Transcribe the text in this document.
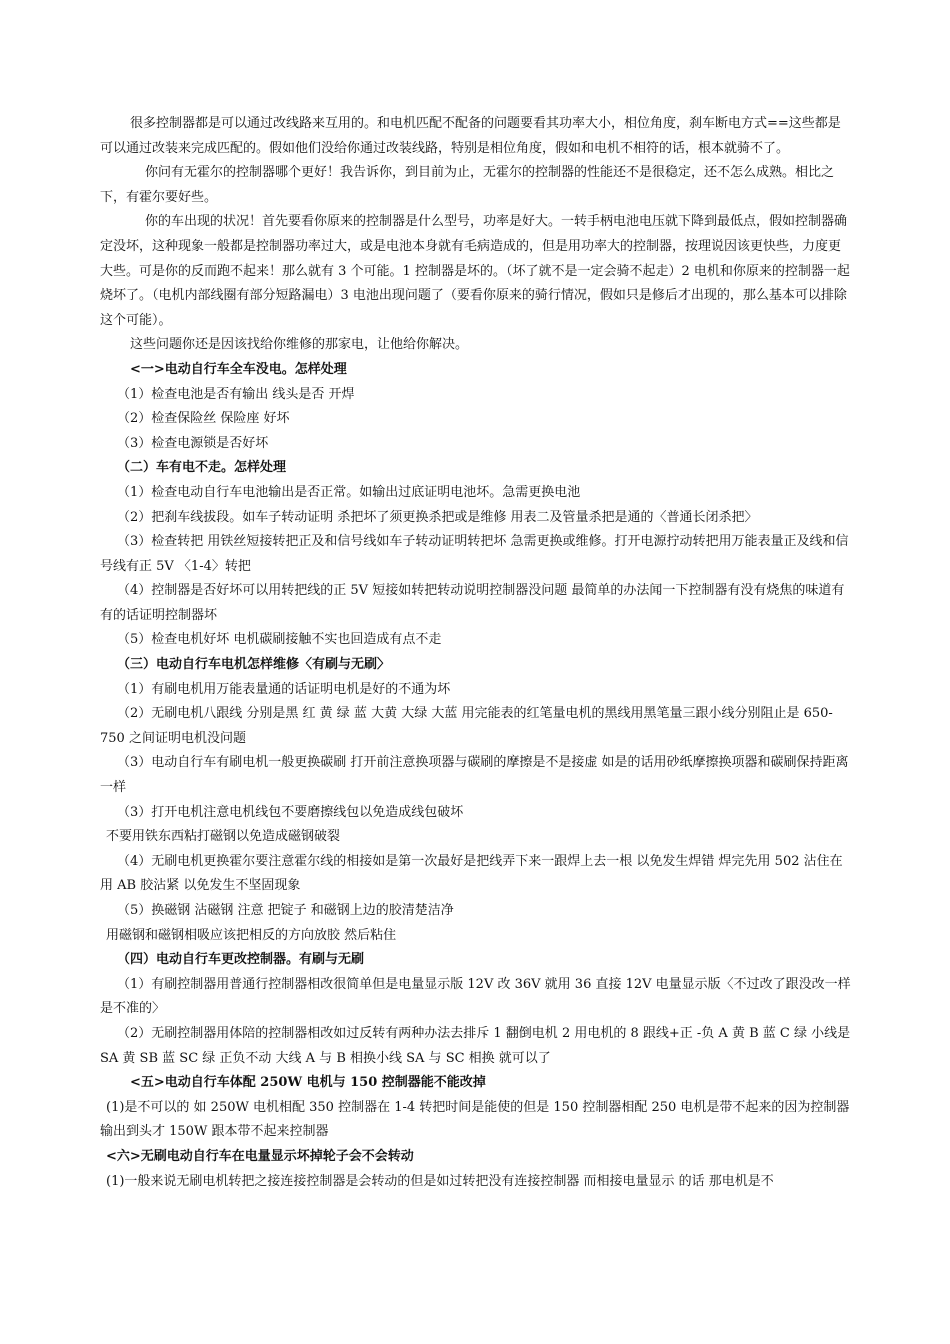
很多控制器都是可以通过改线路来互用的。和电机匹配不配备的问题要看其功率大小，相位角度，刹车断电方式==这些都是可以通过改装来完成匹配的。假如他们没给你通过改装线路，特别是相位角度，假如和电机不相符的话，根本就骑不了。

你问有无霍尔的控制器哪个更好！我告诉你，到目前为止，无霍尔的控制器的性能还不是很稳定，还不怎么成熟。相比之下，有霍尔要好些。

你的车出现的状况！首先要看你原来的控制器是什么型号，功率是好大。一转手柄电池电压就下降到最低点，假如控制器确定没坏，这种现象一般都是控制器功率过大，或是电池本身就有毛病造成的，但是用功率大的控制器，按理说因该更快些，力度更大些。可是你的反而跑不起来！那么就有 3 个可能。1 控制器是坏的。（坏了就不是一定会骑不起走）2 电机和你原来的控制器一起烧坏了。（电机内部线圈有部分短路漏电）3 电池出现问题了（要看你原来的骑行情况，假如只是修后才出现的，那么基本可以排除这个可能）。

这些问题你还是因该找给你维修的那家电，让他给你解决。

<一>电动自行车全车没电。怎样处理

（1）检查电池是否有输出 线头是否 开焊

（2）检查保险丝 保险座 好坏

（3）检查电源锁是否好坏

（二）车有电不走。怎样处理

（1）检查电动自行车电池输出是否正常。如输出过底证明电池坏。急需更换电池

（2）把刹车线拔段。如车子转动证明 杀把坏了须更换杀把或是维修 用表二及管量杀把是通的〈普通长闭杀把〉

（3）检查转把 用铁丝短接转把正及和信号线如车子转动证明转把坏 急需更换或维修。打开电源拧动转把用万能表量正及线和信号线有正 5V 〈1-4〉转把

（4）控制器是否好坏可以用转把线的正 5V 短接如转把转动说明控制器没问题 最简单的办法闻一下控制器有没有烧焦的味道有有的话证明控制器坏

（5）检查电机好坏 电机碳刷接触不实也回造成有点不走

（三）电动自行车电机怎样维修〈有刷与无刷〉

（1）有刷电机用万能表量通的话证明电机是好的不通为坏

（2）无刷电机八跟线 分别是黑 红 黄 绿 蓝 大黄 大绿 大蓝 用完能表的红笔量电机的黑线用黑笔量三跟小线分别阻止是 650-750 之间证明电机没问题

（3）电动自行车有刷电机一般更换碳刷 打开前注意换项器与碳刷的摩擦是不是接虚 如是的话用砂纸摩擦换项器和碳刷保持距离一样

（3）打开电机注意电机线包不要磨擦线包以免造成线包破坏

不要用铁东西粘打磁钢以免造成磁钢破裂

（4）无刷电机更换霍尔要注意霍尔线的相接如是第一次最好是把线弄下来一跟焊上去一根 以免发生焊错 焊完先用 502 沾住在用 AB 胶沾紧 以免发生不坚固现象

（5）换磁钢 沾磁钢 注意 把锭子 和磁钢上边的胶清楚洁净

用磁钢和磁钢相吸应该把相反的方向放胶 然后粘住

（四）电动自行车更改控制器。有刷与无刷

（1）有刷控制器用普通行控制器相改很简单但是电量显示版 12V 改 36V 就用 36 直接 12V 电量显示版〈不过改了跟没改一样是不准的〉

（2）无刷控制器用体陪的控制器相改如过反转有两种办法去排斥 1 翻倒电机 2 用电机的 8 跟线+正 -负 A 黄 B 蓝 C 绿 小线是 SA 黄 SB 蓝 SC 绿 正负不动 大线 A 与 B 相换小线 SA 与 SC 相换 就可以了

<五>电动自行车体配 250W 电机与 150 控制器能不能改掉

(1)是不可以的 如 250W 电机相配 350 控制器在 1-4 转把时间是能使的但是 150 控制器相配 250 电机是带不起来的因为控制器输出到头才 150W 跟本带不起来控制器

<六>无刷电动自行车在电量显示坏掉轮子会不会转动

(1)一般来说无刷电机转把之接连接控制器是会转动的但是如过转把没有连接控制器 而相接电量显示 的话 那电机是不
